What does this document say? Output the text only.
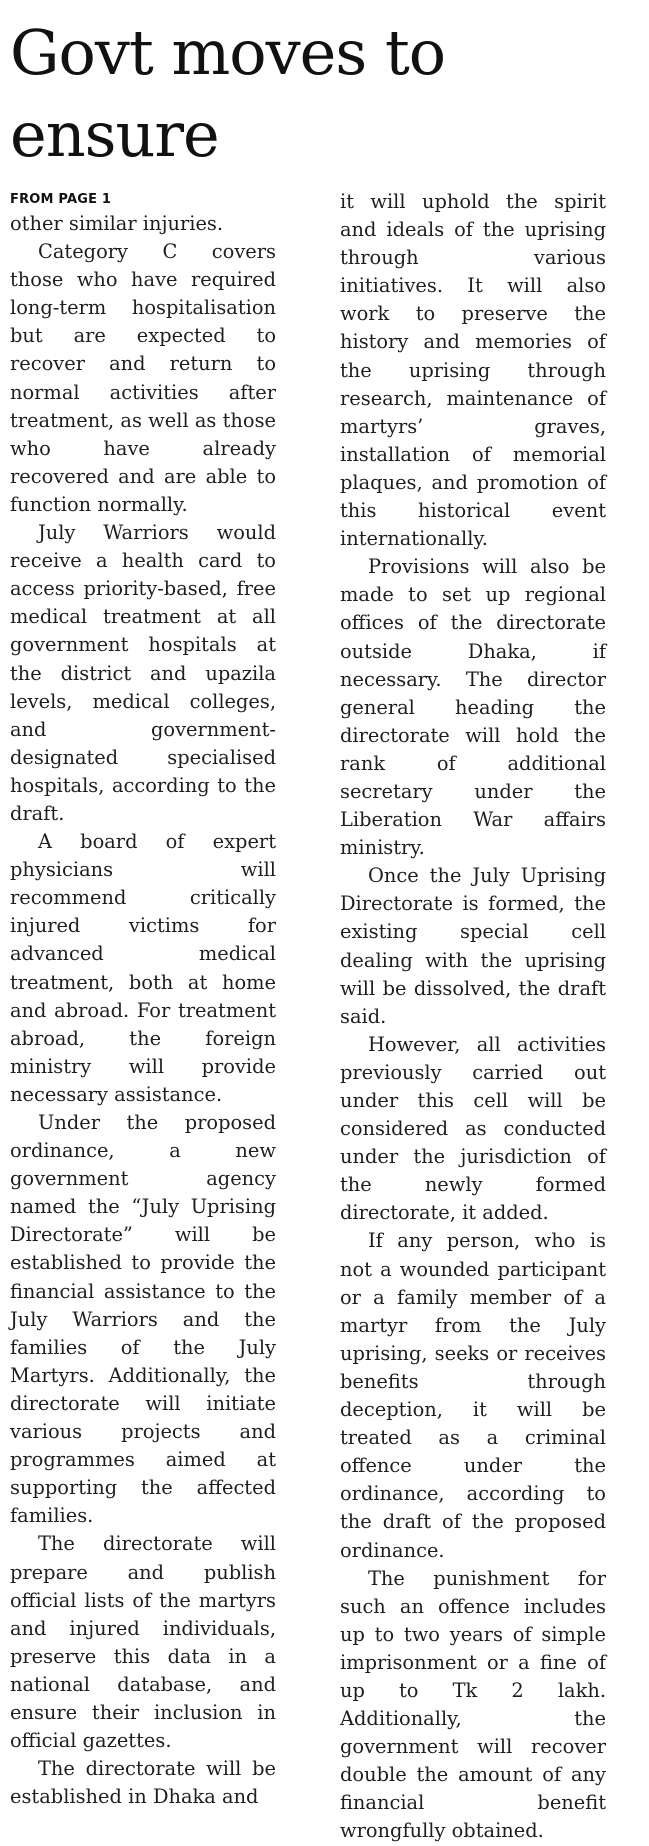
Govt moves to ensure
FROM PAGE 1

other similar injuries.

Category C covers those who have required long-term hospitalisation but are expected to recover and return to normal activities after treatment, as well as those who have already recovered and are able to function normally.

July Warriors would receive a health card to access priority-based, free medical treatment at all government hospitals at the district and upazila levels, medical colleges, and government-designated specialised hospitals, according to the draft.

A board of expert physicians will recommend critically injured victims for advanced medical treatment, both at home and abroad. For treatment abroad, the foreign ministry will provide necessary assistance.

Under the proposed ordinance, a new government agency named the “July Uprising Directorate” will be established to provide the financial assistance to the July Warriors and the families of the July Martyrs. Additionally, the directorate will initiate various projects and programmes aimed at supporting the affected families.

The directorate will prepare and publish official lists of the martyrs and injured individuals, preserve this data in a national database, and ensure their inclusion in official gazettes.

The directorate will be established in Dhaka and

it will uphold the spirit and ideals of the uprising through various initiatives. It will also work to preserve the history and memories of the uprising through research, maintenance of martyrs’ graves, installation of memorial plaques, and promotion of this historical event internationally.

Provisions will also be made to set up regional offices of the directorate outside Dhaka, if necessary. The director general heading the directorate will hold the rank of additional secretary under the Liberation War affairs ministry.

Once the July Uprising Directorate is formed, the existing special cell dealing with the uprising will be dissolved, the draft said.

However, all activities previously carried out under this cell will be considered as conducted under the jurisdiction of the newly formed directorate, it added.

If any person, who is not a wounded participant or a family member of a martyr from the July uprising, seeks or receives benefits through deception, it will be treated as a criminal offence under the ordinance, according to the draft of the proposed ordinance.

The punishment for such an offence includes up to two years of simple imprisonment or a fine of up to Tk 2 lakh. Additionally, the government will recover double the amount of any financial benefit wrongfully obtained.
